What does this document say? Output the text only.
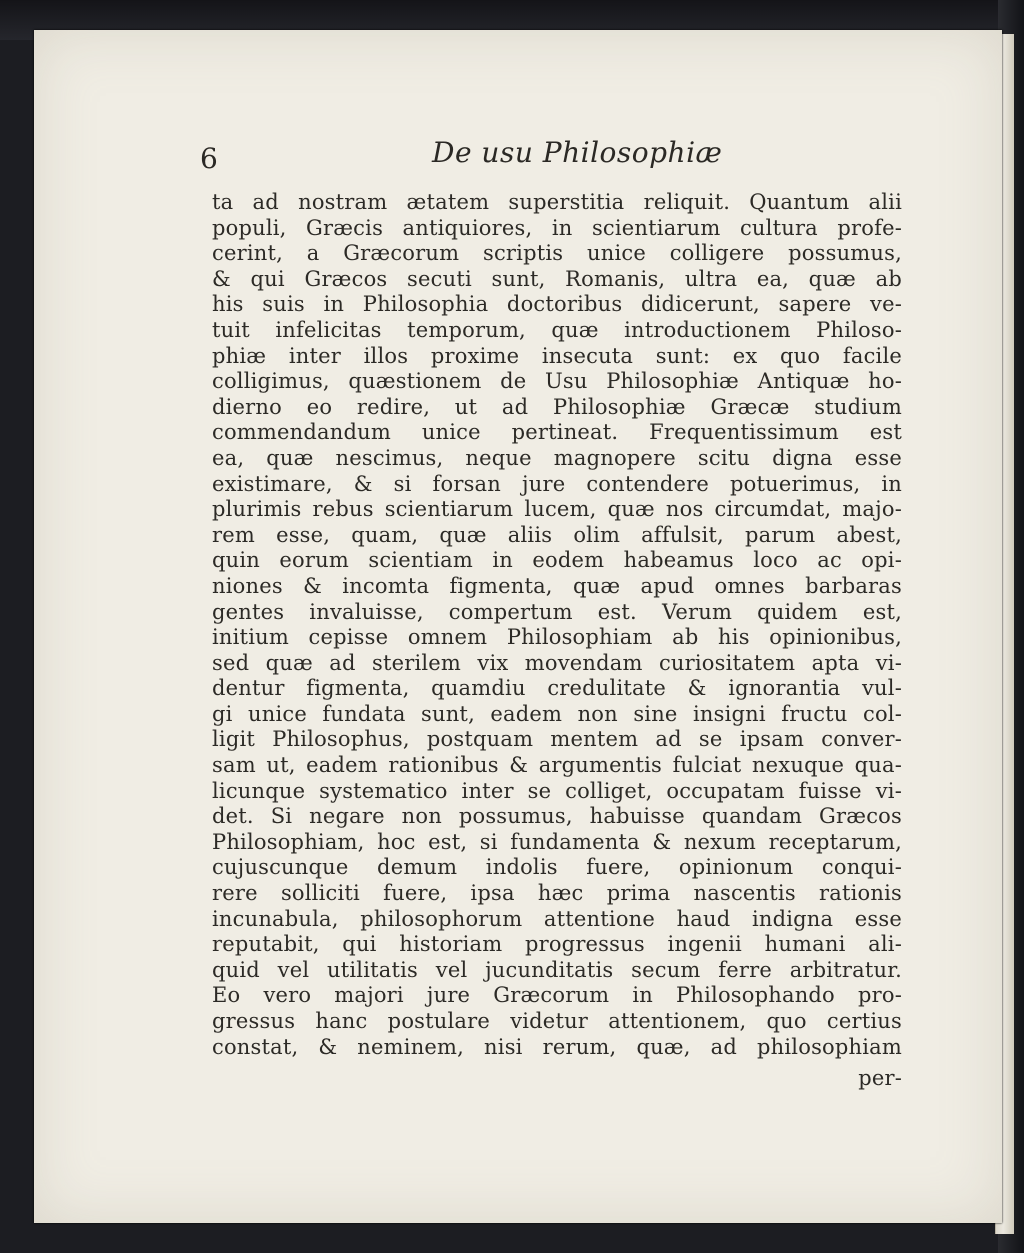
6	De usu Philosophiæ
ta ad nostram ætatem superstitia reliquit. Quantum alii
populi, Græcis antiquiores, in scientiarum cultura profe-
cerint, a Græcorum scriptis unice colligere possumus,
& qui Græcos secuti sunt, Romanis, ultra ea, quæ ab
his suis in Philosophia doctoribus didicerunt, sapere ve-
tuit infelicitas temporum, quæ introductionem Philoso-
phiæ inter illos proxime insecuta sunt: ex quo facile
colligimus, quæstionem de Usu Philosophiæ Antiquæ ho-
dierno eo redire, ut ad Philosophiæ Græcæ studium
commendandum unice pertineat. Frequentissimum est
ea, quæ nescimus, neque magnopere scitu digna esse
existimare, & si forsan jure contendere potuerimus, in
plurimis rebus scientiarum lucem, quæ nos circumdat, majo-
rem esse, quam, quæ aliis olim affulsit, parum abest,
quin eorum scientiam in eodem habeamus loco ac opi-
niones & incomta figmenta, quæ apud omnes barbaras
gentes invaluisse, compertum est. Verum quidem est,
initium cepisse omnem Philosophiam ab his opinionibus,
sed quæ ad sterilem vix movendam curiositatem apta vi-
dentur figmenta, quamdiu credulitate & ignorantia vul-
gi unice fundata sunt, eadem non sine insigni fructu col-
ligit Philosophus, postquam mentem ad se ipsam conver-
sam ut, eadem rationibus & argumentis fulciat nexuque qua-
licunque systematico inter se colliget, occupatam fuisse vi-
det. Si negare non possumus, habuisse quandam Græcos
Philosophiam, hoc est, si fundamenta & nexum receptarum,
cujuscunque demum indolis fuere, opinionum conqui-
rere solliciti fuere, ipsa hæc prima nascentis rationis
incunabula, philosophorum attentione haud indigna esse
reputabit, qui historiam progressus ingenii humani ali-
quid vel utilitatis vel jucunditatis secum ferre arbitratur.
Eo vero majori jure Græcorum in Philosophando pro-
gressus hanc postulare videtur attentionem, quo certius
constat, & neminem, nisi rerum, quæ, ad philosophiam
per-
